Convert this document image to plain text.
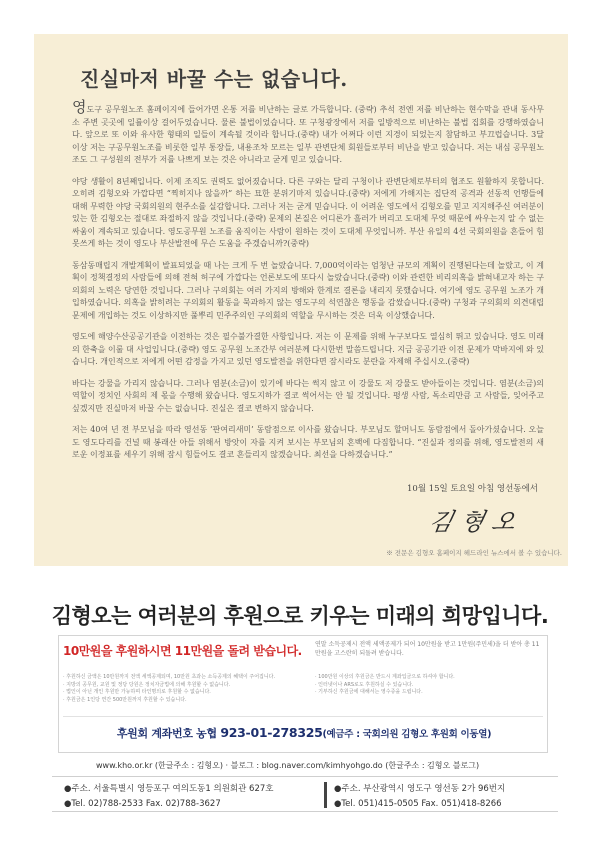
진실마저 바꿀 수는 없습니다.

영도구 공무원노조 홈페이지에 들어가면 온통 저를 비난하는 글로 가득합니다. (중략) 추석 전엔 저를 비난하는 현수막을 관내 동사무소 주변 곳곳에 일률이상 걸어두었습니다. 물론 불법이었습니다. 또 구청광장에서 저를 일방적으로 비난하는 불법 집회를 강행하였습니다. 앞으로 또 이와 유사한 형태의 일들이 계속될 것이라 합니다.(중략) 내가 어쩌다 이런 지경이 되었는지 참담하고 부끄럽습니다. 3달 이상 저는 구공무원노조를 비롯한 일부 통장들, 내용조차 모르는 일부 관변단체 회원들로부터 비난을 받고 있습니다. 저는 내심 공무원노조도 그 구성원의 전부가 저를 나쁘게 보는 것은 아니라고 굳게 믿고 있습니다.

야당 생활이 8년째입니다. 이제 조직도 권력도 없어졌습니다. 다른 구와는 달리 구청이나 관변단체로부터의 협조도 원활하지 못합니다. 오히려 김형오와 가깝다면 “찍히지나 않을까” 하는 묘한 분위기마저 있습니다.(중략) 저에게 가해지는 집단적 공격과 선동적 언행들에 대해 무력한 야당 국회의원의 현주소를 실감합니다. 그러나 저는 굳게 믿습니다. 이 어려운 영도에서 김형오를 믿고 지지해주신 여러분이 있는 한 김형오는 절대로 좌절하지 않을 것입니다.(중략) 문제의 본질은 어디론가 흘러가 버리고 도대체 무엇 때문에 싸우는지 알 수 없는 싸움이 계속되고 있습니다. 영도공무원 노조를 움직이는 사람이 원하는 것이 도대체 무엇입니까. 부산 유일의 4선 국회의원을 흔들어 힘 못쓰게 하는 것이 영도나 부산발전에 무슨 도움을 주겠습니까?(중략)

동삼동매립지 개발계획이 발표되었을 때 나는 크게 두 번 놀랐습니다. 7,000억이라는 엄청난 규모의 계획이 진행된다는데 놀랐고, 이 계획이 정책결정의 사람들에 의해 전혀 허구에 가깝다는 언론보도에 또다시 놀랐습니다.(중략) 이와 관련한 비리의혹을 밝혀내고자 하는 구의회의 노력은 당연한 것입니다. 그러나 구의회는 여러 가지의 방해와 한계로 결론을 내리지 못했습니다. 여기에 영도 공무원 노조가 개입하였습니다. 의혹을 밝히려는 구의회의 활동을 묵과하지 않는 영도구의 석연찮은 행동을 감쌌습니다.(중략) 구청과 구의회의 의견대립 문제에 개입하는 것도 이상하지만 풀뿌리 민주주의인 구의회의 역할을 무시하는 것은 더욱 이상했습니다.

영도에 해양수산공공기관을 이전하는 것은 필수불가결한 사항입니다. 저는 이 문제를 위해 누구보다도 열심히 뛰고 있습니다. 영도 미래의 한축을 이룰 대 사업입니다.(중략) 영도 공무원 노조간부 여러분께 다시한번 말씀드립니다. 지금 공공기관 이전 문제가 막바지에 와 있습니다. 개인적으로 저에게 어떤 감정을 가지고 있던 영도발전을 위한다면 잠시라도 분란을 자제해 주십시오.(중략)

바다는 강물을 가리지 않습니다. 그러나 염분(소금)이 있기에 바다는 썩지 않고 이 강물도 저 강물도 받아들이는 것입니다. 염분(소금)의 역할이 정치인 사회의 제 몫을 수행해 왔습니다. 영도지하가 결코 썩어서는 안 될 것입니다. 평생 사람, 독소리만큼 고 사람들, 잊어주고 싶겠지만 진실마저 바꿀 수는 없습니다. 진실은 결코 변하지 않습니다.

저는 40여 년 전 부모님을 따라 영선동 ‘판여리새미’ 동람점으로 이사를 왔습니다. 부모님도 할머니도 동람점에서 돌아가셨습니다. 오늘도 영도다리를 건널 때 봉래산 아들 위해서 방앗이 자를 지켜 보시는 부모님의 혼백에 다짐합니다. “진실과 정의를 위해, 영도발전의 새로운 이정표를 세우기 위해 잠시 힘들어도 결코 흔들리지 않겠습니다. 최선을 다하겠습니다.”

10월 15일 토요일 아침 영선동에서
김형오
※ 전문은 김형오 홈페이지 헤드라인 뉴스에서 볼 수 있습니다.
김형오는 여러분의 후원으로 키우는 미래의 희망입니다.
10만원을 후원하시면 11만원을 돌려 받습니다. 연말 소득공제시 전액 세액공제가 되어 10만원을 받고 1만원(주민세)을 더 받아 총 11만원을 고스란히 되돌려 받습니다.
· 후원하신 금액은 10만원까지 전액 세액공제되며, 10만원 초과는 소득공제의 혜택이 주어집니다.
· 지방의 공무원, 교원 및 정당 당원은 정치자금법에 의해 후원할 수 없습니다.
· 법인이 아닌 개인 후원만 가능하며 타인명의로 후원할 수 없습니다.
· 후원금은 1인당 연간 500만원까지 후원할 수 있습니다.
· 100만원 이상의 후원금은 반드시 계좌입금으로 하셔야 합니다.
· 인터넷이나 ARS로도 후원하실 수 있습니다.
· 기부하신 후원금에 대해서는 영수증을 드립니다.
후원회 계좌번호 농협 923-01-278325(예금주 : 국회의원 김형오 후원회 이동열)
www.kho.or.kr (한글주소 : 김형오) · 블로그 : blog.naver.com/kimhyohgo.do (한글주소 : 김형오 블로그)
●주소. 서울특별시 영등포구 여의도동1 의원회관 627호
●Tel. 02)788-2533 Fax. 02)788-3627
●주소. 부산광역시 영도구 영선동 2가 96번지
●Tel. 051)415-0505 Fax. 051)418-8266
